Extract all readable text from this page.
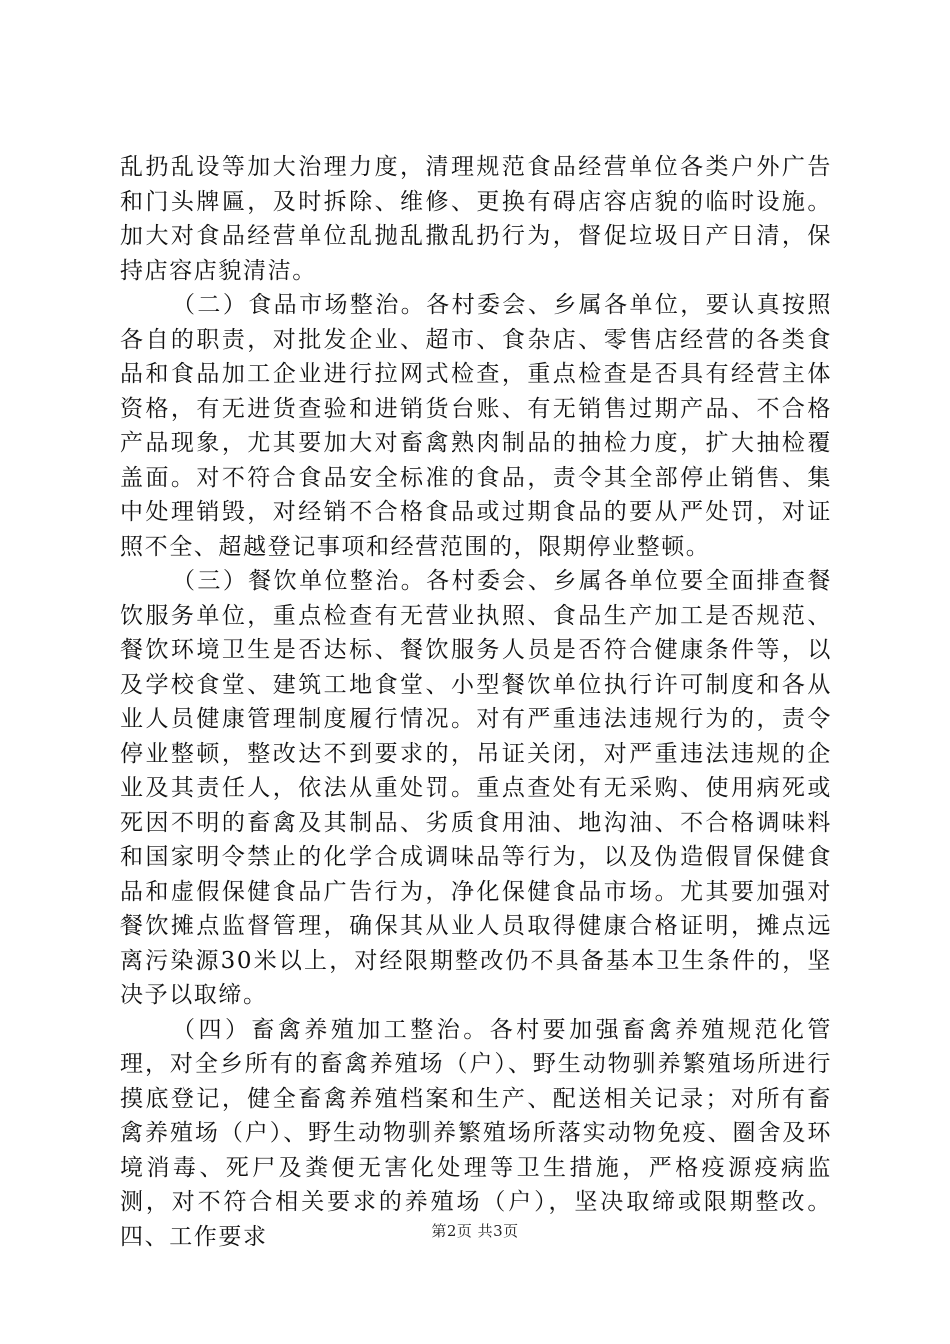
乱扔乱设等加大治理力度，清理规范食品经营单位各类户外广告和门头牌匾，及时拆除、维修、更换有碍店容店貌的临时设施。加大对食品经营单位乱抛乱撒乱扔行为，督促垃圾日产日清，保持店容店貌清洁。

（二）食品市场整治。各村委会、乡属各单位，要认真按照各自的职责，对批发企业、超市、食杂店、零售店经营的各类食品和食品加工企业进行拉网式检查，重点检查是否具有经营主体资格，有无进货查验和进销货台账、有无销售过期产品、不合格产品现象，尤其要加大对畜禽熟肉制品的抽检力度，扩大抽检覆盖面。对不符合食品安全标准的食品，责令其全部停止销售、集中处理销毁，对经销不合格食品或过期食品的要从严处罚，对证照不全、超越登记事项和经营范围的，限期停业整顿。

（三）餐饮单位整治。各村委会、乡属各单位要全面排查餐饮服务单位，重点检查有无营业执照、食品生产加工是否规范、餐饮环境卫生是否达标、餐饮服务人员是否符合健康条件等，以及学校食堂、建筑工地食堂、小型餐饮单位执行许可制度和各从业人员健康管理制度履行情况。对有严重违法违规行为的，责令停业整顿，整改达不到要求的，吊证关闭，对严重违法违规的企业及其责任人，依法从重处罚。重点查处有无采购、使用病死或死因不明的畜禽及其制品、劣质食用油、地沟油、不合格调味料和国家明令禁止的化学合成调味品等行为，以及伪造假冒保健食品和虚假保健食品广告行为，净化保健食品市场。尤其要加强对餐饮摊点监督管理，确保其从业人员取得健康合格证明，摊点远离污染源30米以上，对经限期整改仍不具备基本卫生条件的，坚决予以取缔。

（四）畜禽养殖加工整治。各村要加强畜禽养殖规范化管理，对全乡所有的畜禽养殖场（户）、野生动物驯养繁殖场所进行摸底登记，健全畜禽养殖档案和生产、配送相关记录；对所有畜禽养殖场（户）、野生动物驯养繁殖场所落实动物免疫、圈舍及环境消毒、死尸及粪便无害化处理等卫生措施，严格疫源疫病监测，对不符合相关要求的养殖场（户），坚决取缔或限期整改。四、工作要求	第2页 共3页
